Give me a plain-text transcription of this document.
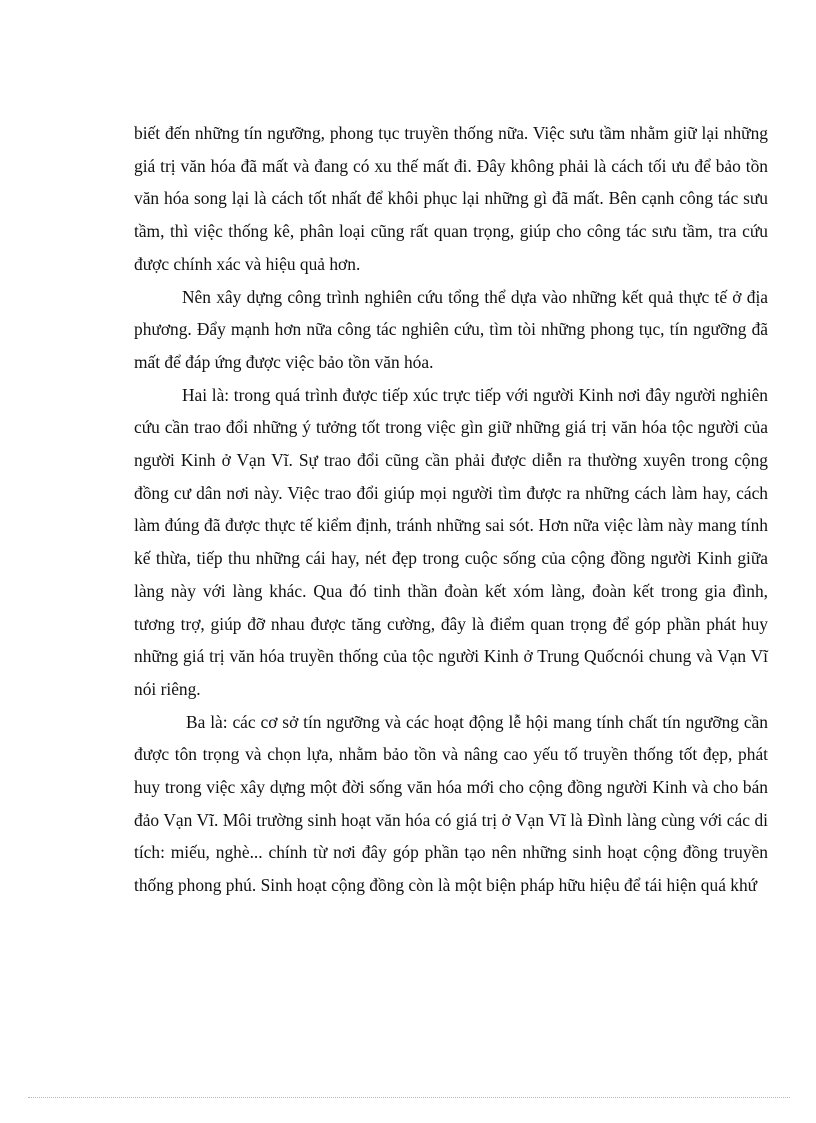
biết đến những tín ngưỡng, phong tục truyền thống nữa. Việc sưu tầm nhằm giữ lại những giá trị văn hóa đã mất và đang có xu thế mất đi. Đây không phải là cách tối ưu để bảo tồn văn hóa song lại là cách tốt nhất để khôi phục lại những gì đã mất. Bên cạnh công tác sưu tầm, thì việc thống kê, phân loại cũng rất quan trọng, giúp cho công tác sưu tầm, tra cứu được chính xác và hiệu quả hơn.

Nên xây dựng công trình nghiên cứu tổng thể dựa vào những kết quả thực tế ở địa phương. Đẩy mạnh hơn nữa công tác nghiên cứu, tìm tòi những phong tục, tín ngưỡng đã mất để đáp ứng được việc bảo tồn văn hóa.

Hai là: trong quá trình được tiếp xúc trực tiếp với người Kinh nơi đây người nghiên cứu cần trao đổi những ý tưởng tốt trong việc gìn giữ những giá trị văn hóa tộc người của người Kinh ở Vạn Vĩ. Sự trao đổi cũng cần phải được diễn ra thường xuyên trong cộng đồng cư dân nơi này. Việc trao đổi giúp mọi người tìm được ra những cách làm hay, cách làm đúng đã được thực tế kiểm định, tránh những sai sót. Hơn nữa việc làm này mang tính kế thừa, tiếp thu những cái hay, nét đẹp trong cuộc sống của cộng đồng người Kinh giữa làng này với làng khác. Qua đó tinh thần đoàn kết xóm làng, đoàn kết trong gia đình, tương trợ, giúp đỡ nhau được tăng cường, đây là điểm quan trọng để góp phần phát huy những giá trị văn hóa truyền thống của tộc người Kinh ở Trung Quốcnói chung và Vạn Vĩ nói riêng.

Ba là: các cơ sở tín ngưỡng và các hoạt động lễ hội mang tính chất tín ngưỡng cần được tôn trọng và chọn lựa, nhằm bảo tồn và nâng cao yếu tố truyền thống tốt đẹp, phát huy trong việc xây dựng một đời sống văn hóa mới cho cộng đồng người Kinh và cho bán đảo Vạn Vĩ. Môi trường sinh hoạt văn hóa có giá trị ở Vạn Vĩ là Đình làng cùng với các di tích: miếu, nghè... chính từ nơi đây góp phần tạo nên những sinh hoạt cộng đồng truyền thống phong phú. Sinh hoạt cộng đồng còn là một biện pháp hữu hiệu để tái hiện quá khứ
